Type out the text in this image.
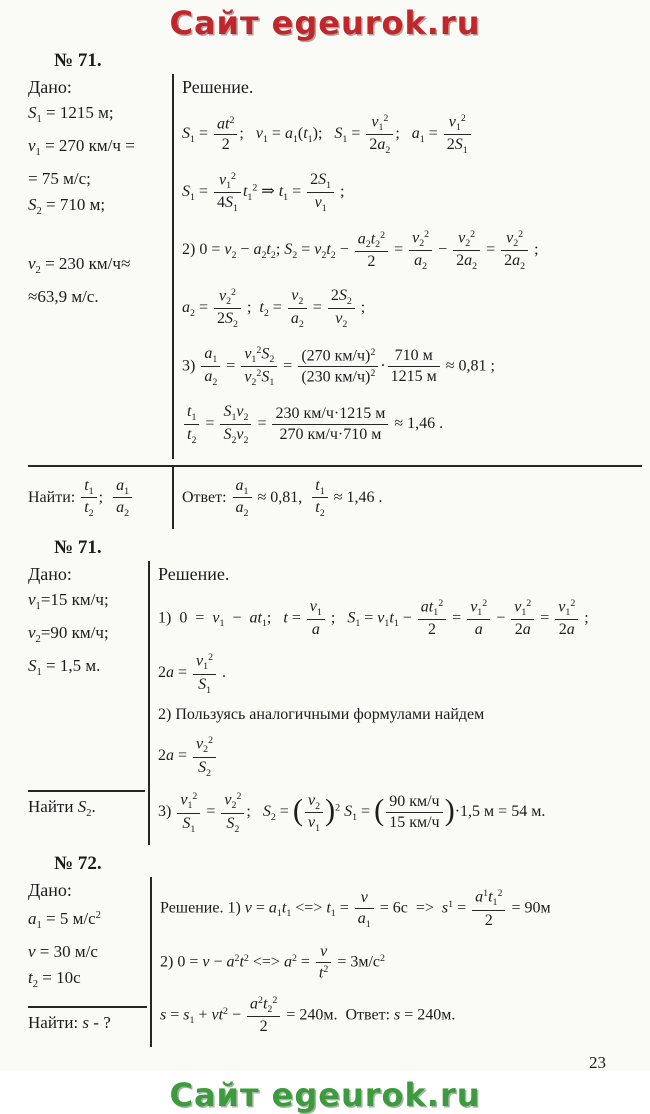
Сайт egeurok.ru
№ 71.
Дано:
$S_1 = 1215$ м;
$v_1 = 270$ км/ч =
= 75 м/с;
$S_2 = 710$ м;
$v_2 = 230$ км/ч≈
≈63,9 м/с.
Решение.
$S_1 = \frac{at^2}{2}$ ;   $v_1 = a_1(t_1)$;   $S_1 = \frac{v_1^2}{2a_2}$ ;   $a_1 = \frac{v_1^2}{2S_1}$
$S_1 = \frac{v_1^2}{4S_1} t_1^2$ ⇒ $t_1 = \frac{2S_1}{v_1}$ ;
2) $0 = v_2 - a_2t_2$; $S_2 = v_2t_2 - \frac{a_2t_2^2}{2} = \frac{v_2^2}{a_2} - \frac{v_2^2}{2a_2} = \frac{v_2^2}{2a_2}$ ;
$a_2 = \frac{v_2^2}{2S_2}$ ;  $t_2 = \frac{v_2}{a_2} = \frac{2S_2}{v_2}$ ;
$3) \frac{a_1}{a_2} = \frac{v_1^2S_2}{v_2^2S_1} = \frac{(270 км/ч)^2}{(230 км/ч)^2} \cdot \frac{710 м}{1215 м} \approx 0,81$ ;
$\frac{t_1}{t_2} = \frac{S_1v_2}{S_2v_2} = \frac{230 км/ч\cdot 1215 м}{270 км/ч\cdot 710 м} \approx 1,46$ .
Найти: $\frac{t_1}{t_2}$ ; $\frac{a_1}{a_2}$	Ответ: $\frac{a_1}{a_2} \approx 0,81$, $\frac{t_1}{t_2} \approx 1,46$ .
№ 71.
Дано:
$v_1=15$ км/ч;
$v_2=90$ км/ч;
$S_1 = 1,5$ м.
Найти $S_2$.
Решение.
1)  $0 = v_1 - at_1$;   $t = \frac{v_1}{a}$ ;   $S_1 = v_1t_1 - \frac{at_1^2}{2} = \frac{v_1^2}{a} - \frac{v_1^2}{2a} = \frac{v_1^2}{2a}$ ;
$2a = \frac{v_1^2}{S_1}$ .
2) Пользуясь аналогичными формулами найдем
$2a = \frac{v_2^2}{S_2}$
$3) \frac{v_1^2}{S_1} = \frac{v_2^2}{S_2}$ ;   $S_2$ = ( $\frac{v_2}{v_1} )^2$ $S_1$ = ( $\frac{90 км/ч}{15 км/ч} )\cdot 1,5$ м = 54 м.
№ 72.
Дано:
$a_1 = 5$ $м/с^2$
v = 30 м/с
$t_2 = 10с$
Найти: s - ?
Решение. 1) $v = a_1t_1$ <=> $t_1 = \frac{v}{a_1} = 6с => s^1 = \frac{a^1t_1^2}{2} = 90м$
2) $0 = v - a^2t^2$ <=> $a^2 = \frac{v}{t^2} = 3м/с^2$
$s = s_1 + vt^2 - \frac{a^2t_2^2}{2} = 240м$.  Ответ: s = 240м.
23
Сайт egeurok.ru
